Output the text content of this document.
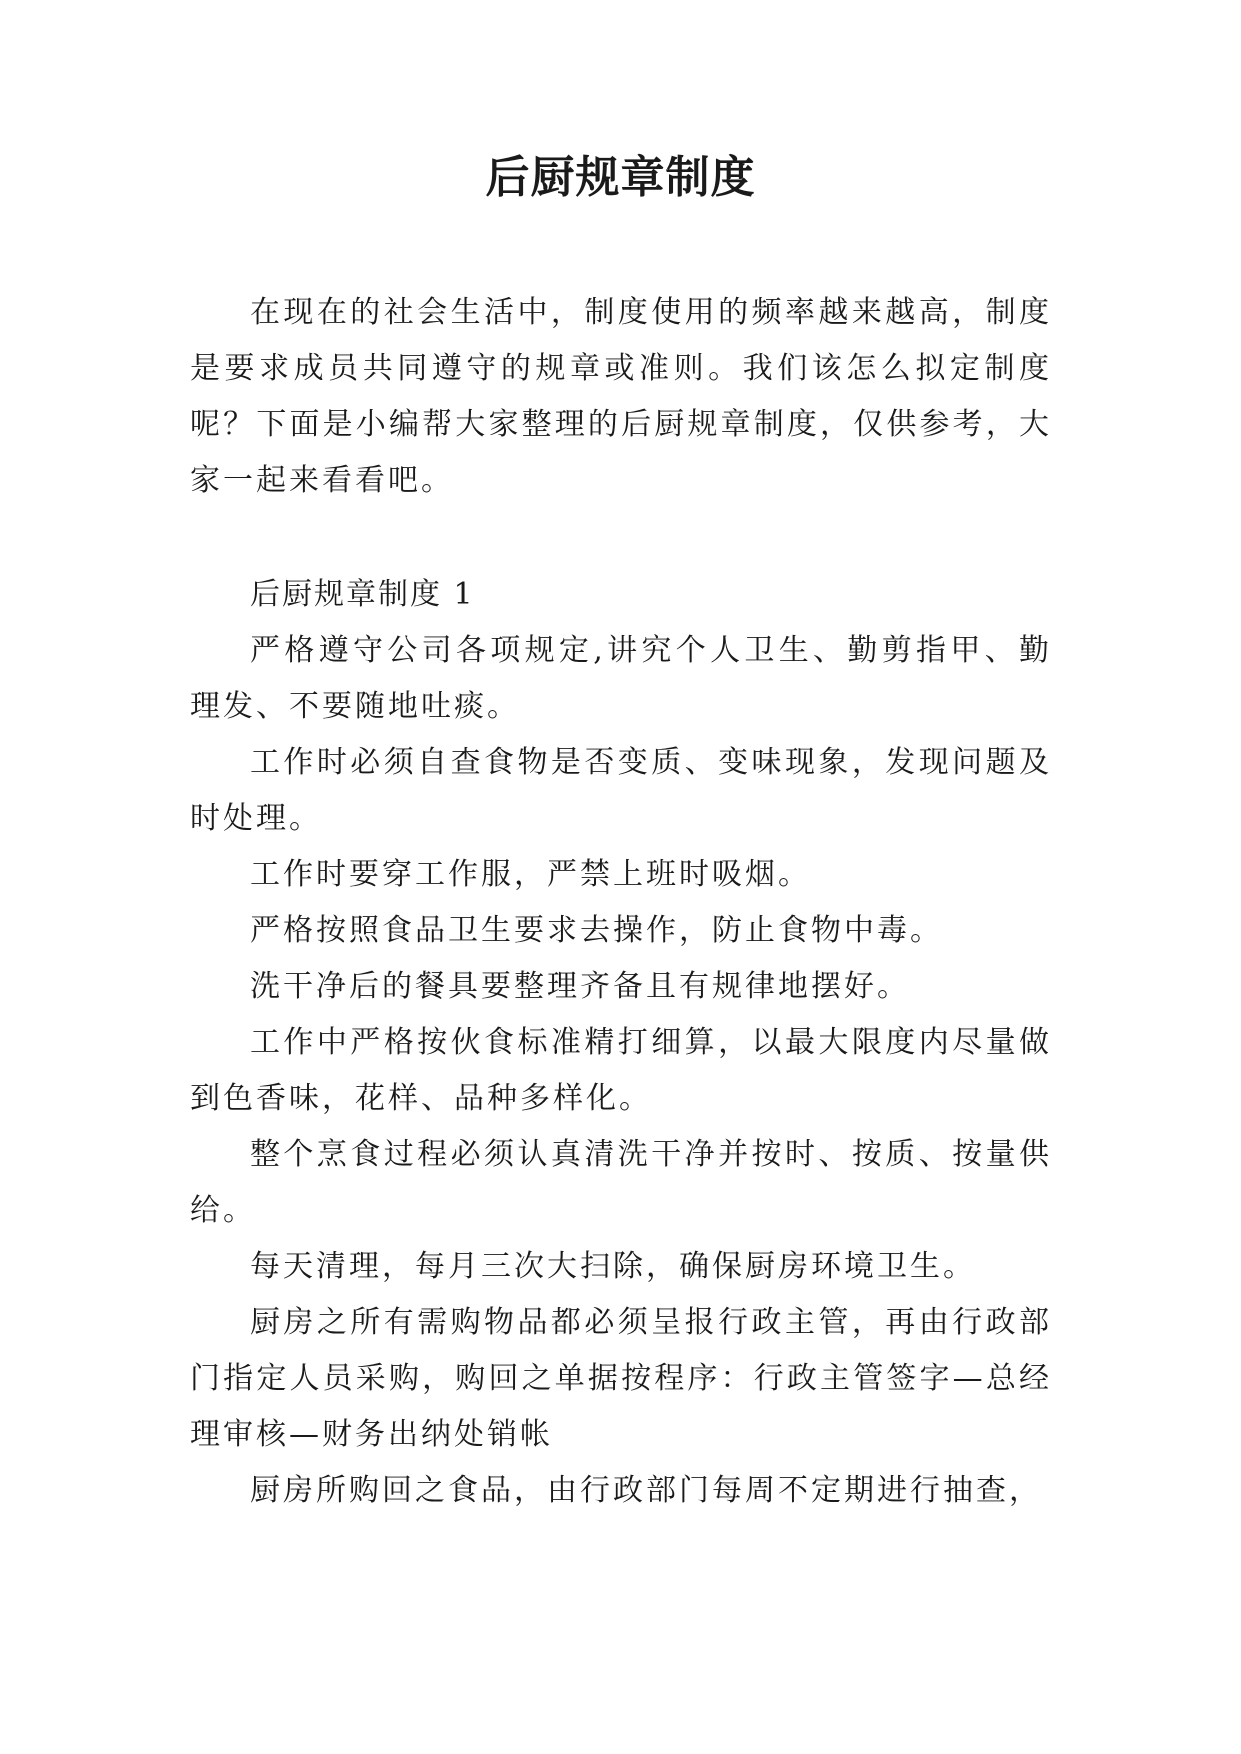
后厨规章制度

在现在的社会生活中，制度使用的频率越来越高，制度是要求成员共同遵守的规章或准则。我们该怎么拟定制度呢？下面是小编帮大家整理的后厨规章制度，仅供参考，大家一起来看看吧。

后厨规章制度 1

严格遵守公司各项规定,讲究个人卫生、勤剪指甲、勤理发、不要随地吐痰。

工作时必须自查食物是否变质、变味现象，发现问题及时处理。

工作时要穿工作服，严禁上班时吸烟。

严格按照食品卫生要求去操作，防止食物中毒。

洗干净后的餐具要整理齐备且有规律地摆好。

工作中严格按伙食标准精打细算，以最大限度内尽量做到色香味，花样、品种多样化。

整个烹食过程必须认真清洗干净并按时、按质、按量供给。

每天清理，每月三次大扫除，确保厨房环境卫生。

厨房之所有需购物品都必须呈报行政主管，再由行政部门指定人员采购，购回之单据按程序：行政主管签字—总经理审核—财务出纳处销帐

厨房所购回之食品，由行政部门每周不定期进行抽查，
